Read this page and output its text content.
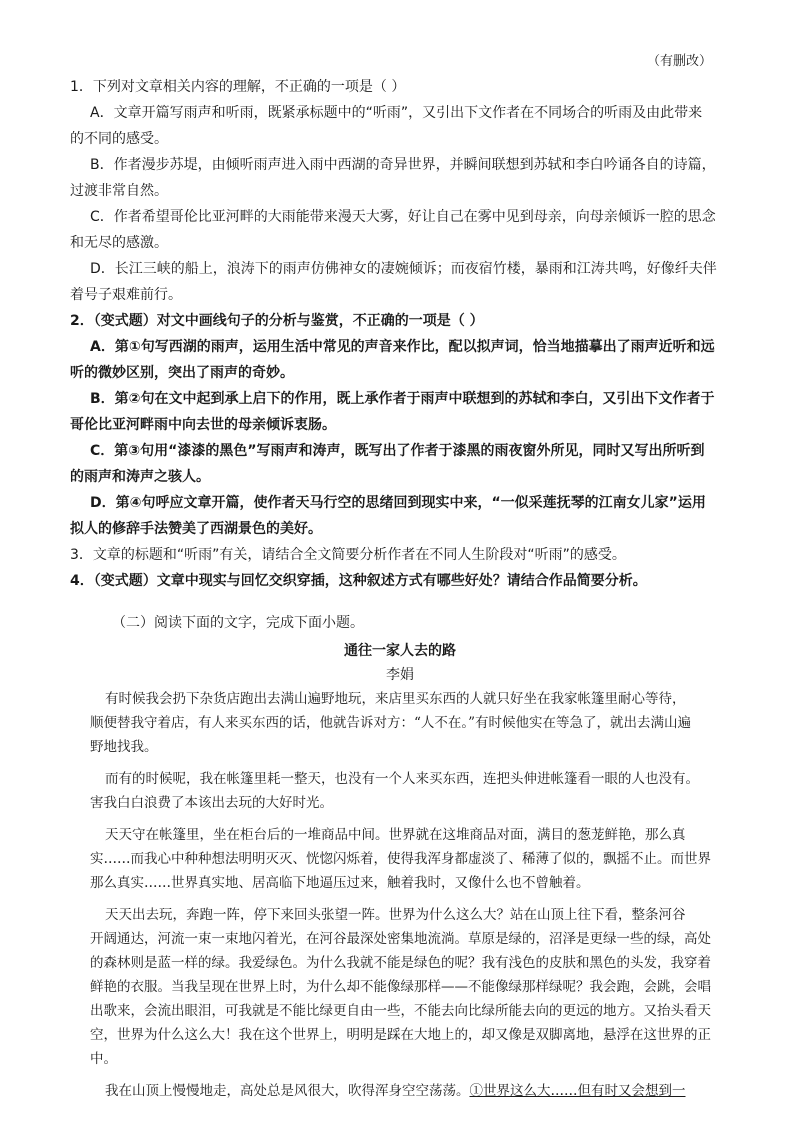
（有删改）
1．下列对文章相关内容的理解，不正确的一项是（ ）
A．文章开篇写雨声和听雨，既紧承标题中的“听雨”，又引出下文作者在不同场合的听雨及由此带来
的不同的感受。
B．作者漫步苏堤，由倾听雨声进入雨中西湖的奇异世界，并瞬间联想到苏轼和李白吟诵各自的诗篇，
过渡非常自然。
C．作者希望哥伦比亚河畔的大雨能带来漫天大雾，好让自己在雾中见到母亲，向母亲倾诉一腔的思念
和无尽的感激。
D．长江三峡的船上，浪涛下的雨声仿佛神女的凄婉倾诉；而夜宿竹楼，暴雨和江涛共鸣，好像纤夫伴
着号子艰难前行。
2．（变式题）对文中画线句子的分析与鉴赏，不正确的一项是（ ）
A．第①句写西湖的雨声，运用生活中常见的声音来作比，配以拟声词，恰当地描摹出了雨声近听和远
听的微妙区别，突出了雨声的奇妙。
B．第②句在文中起到承上启下的作用，既上承作者于雨声中联想到的苏轼和李白，又引出下文作者于
哥伦比亚河畔雨中向去世的母亲倾诉衷肠。
C．第③句用“漆漆的黑色”写雨声和涛声，既写出了作者于漆黑的雨夜窗外所见，同时又写出所听到
的雨声和涛声之骇人。
D．第④句呼应文章开篇，使作者天马行空的思绪回到现实中来，“一似采莲抚琴的江南女儿家”运用
拟人的修辞手法赞美了西湖景色的美好。
3．文章的标题和“听雨”有关，请结合全文简要分析作者在不同人生阶段对“听雨”的感受。
4．（变式题）文章中现实与回忆交织穿插，这种叙述方式有哪些好处？请结合作品简要分析。
（二）阅读下面的文字，完成下面小题。
通往一家人去的路
李娟
有时候我会扔下杂货店跑出去满山遍野地玩，来店里买东西的人就只好坐在我家帐篷里耐心等待，
顺便替我守着店，有人来买东西的话，他就告诉对方：“人不在。”有时候他实在等急了，就出去满山遍
野地找我。
而有的时候呢，我在帐篷里耗一整天，也没有一个人来买东西，连把头伸进帐篷看一眼的人也没有。
害我白白浪费了本该出去玩的大好时光。
天天守在帐篷里，坐在柜台后的一堆商品中间。世界就在这堆商品对面，满目的葱茏鲜艳，那么真
实……而我心中种种想法明明灭灭、恍惚闪烁着，使得我浑身都虚淡了、稀薄了似的，飘摇不止。而世界
那么真实……世界真实地、居高临下地逼压过来，触着我时，又像什么也不曾触着。
天天出去玩，奔跑一阵，停下来回头张望一阵。世界为什么这么大？站在山顶上往下看，整条河谷
开阔通达，河流一束一束地闪着光，在河谷最深处密集地流淌。草原是绿的，沼泽是更绿一些的绿，高处
的森林则是蓝一样的绿。我爱绿色。为什么我就不能是绿色的呢？我有浅色的皮肤和黑色的头发，我穿着
鲜艳的衣服。当我呈现在世界上时，为什么却不能像绿那样——不能像绿那样绿呢？我会跑，会跳，会唱
出歌来，会流出眼泪，可我就是不能比绿更自由一些，不能去向比绿所能去向的更远的地方。又抬头看天
空，世界为什么这么大！我在这个世界上，明明是踩在大地上的，却又像是双脚离地，悬浮在这世界的正
中。
我在山顶上慢慢地走，高处总是风很大，吹得浑身空空荡荡。①世界这么大……但有时又会想到一
